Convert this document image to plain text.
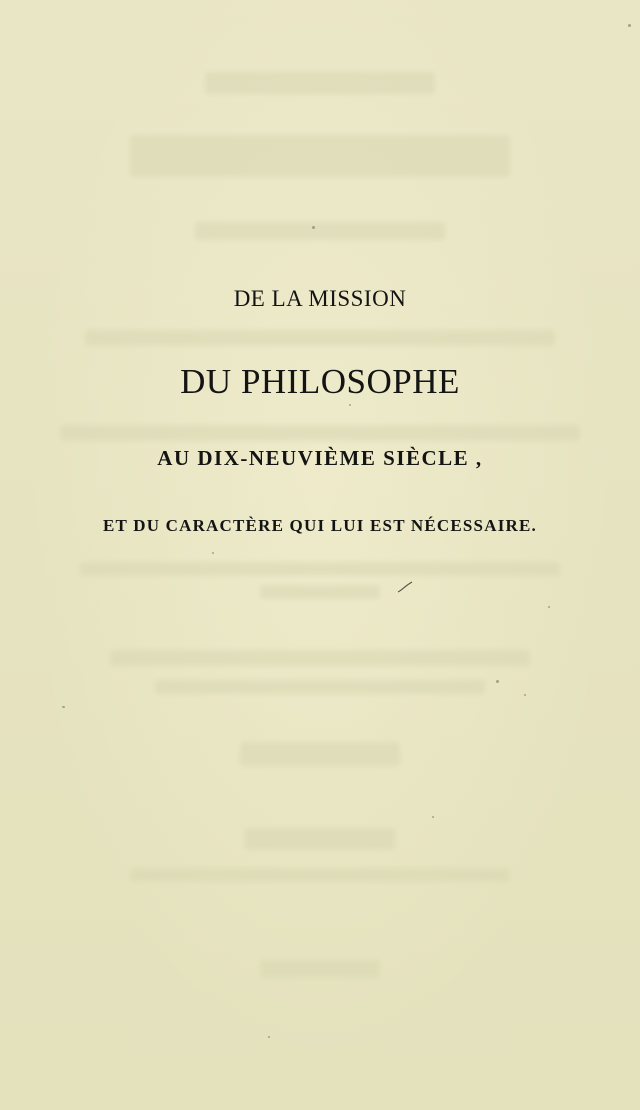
DE LA MISSION
DU PHILOSOPHE
AU DIX-NEUVIÈME SIÈCLE ,
ET DU CARACTÈRE QUI LUI EST NÉCESSAIRE.
